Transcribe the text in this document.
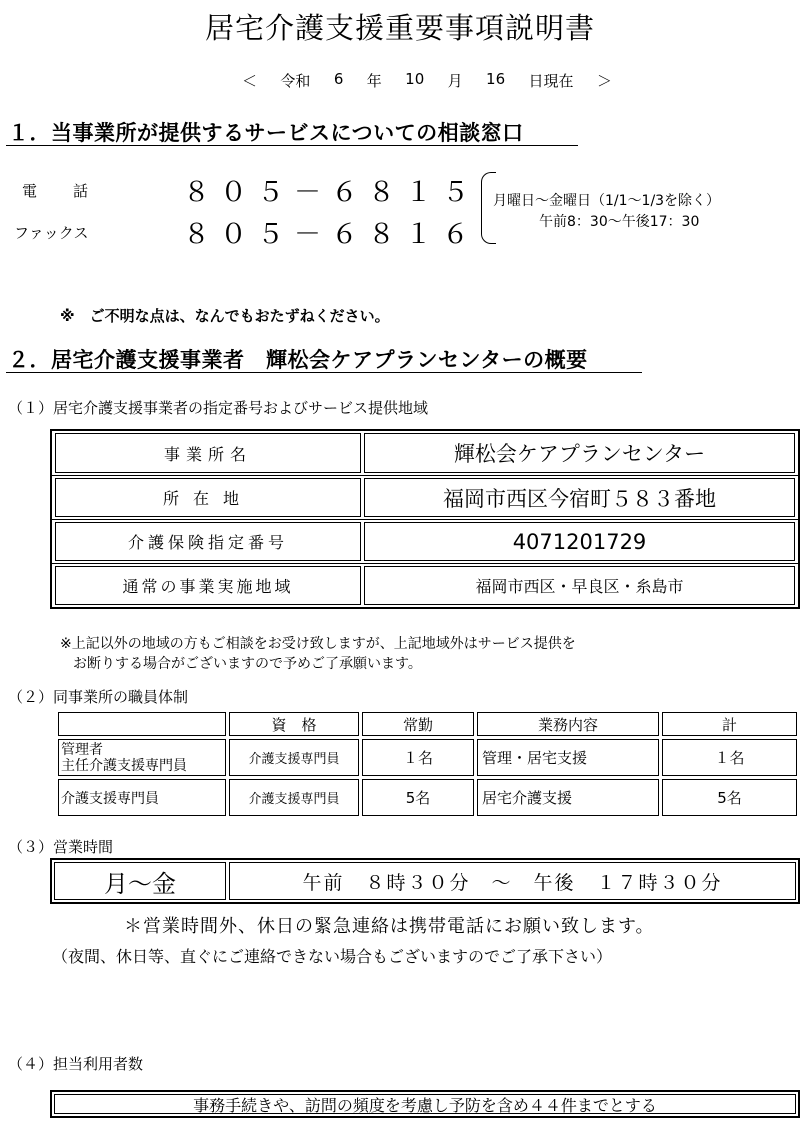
居宅介護支援重要事項説明書
＜ 令和 6 年 10 月 16 日現在 ＞
１．当事業所が提供するサービスについての相談窓口
電　　話	８０５－６８１５
ファックス	８０５－６８１６
月曜日～金曜日（1/1～1/3を除く）
午前8：30～午後17：30
※　ご不明な点は、なんでもおたずねください。
２．居宅介護支援事業者　輝松会ケアプランセンターの概要
（１）居宅介護支援事業者の指定番号およびサービス提供地域
事業所名	輝松会ケアプランセンター
所在地	福岡市西区今宿町５８３番地
介護保険指定番号	4071201729
通常の事業実施地域	福岡市西区・早良区・糸島市
※上記以外の地域の方もご相談をお受け致しますが、上記地域外はサービス提供を
お断りする場合がございますので予めご了承願います。
（２）同事業所の職員体制
	資　格	常勤	業務内容	計

管理者
主任介護支援専門員	介護支援専門員	１名	管理・居宅支援	１名

介護支援専門員	介護支援専門員	5名	居宅介護支援	5名
（３）営業時間
月～金	午前　８時３０分　～　午後　１７時３０分
＊営業時間外、休日の緊急連絡は携帯電話にお願い致します。
（夜間、休日等、直ぐにご連絡できない場合もございますのでご了承下さい）
（４）担当利用者数
事務手続きや、訪問の頻度を考慮し予防を含め４４件までとする
